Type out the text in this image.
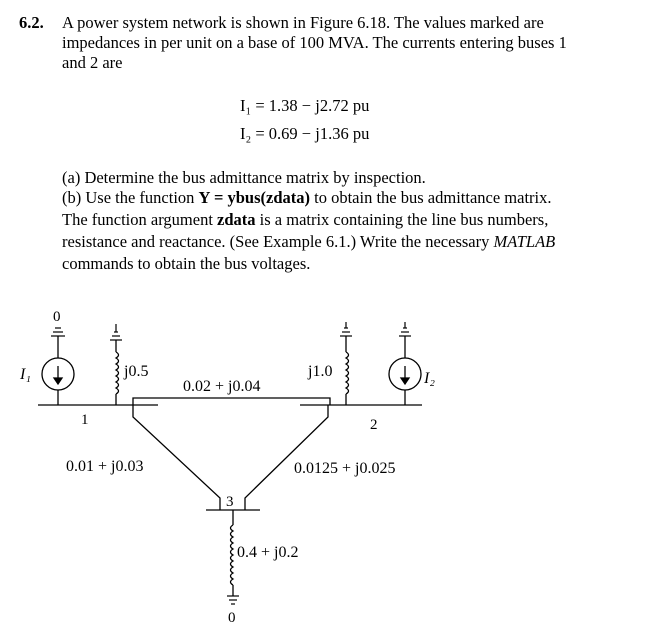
6.2. A power system network is shown in Figure 6.18. The values marked are
impedances in per unit on a base of 100 MVA. The currents entering buses 1
and 2 are
I₁ = 1.38 − j2.72 pu
I₂ = 0.69 − j1.36 pu
(a) Determine the bus admittance matrix by inspection.
(b) Use the function Y = ybus(zdata) to obtain the bus admittance matrix.
The function argument zdata is a matrix containing the line bus numbers,
resistance and reactance. (See Example 6.1.) Write the necessary MATLAB
commands to obtain the bus voltages.
0
0
I₁	I₂
j0.5	j1.0
0.02 + j0.04
0.01 + j0.03	0.0125 + j0.025
0.4 + j0.2
1	2
3
